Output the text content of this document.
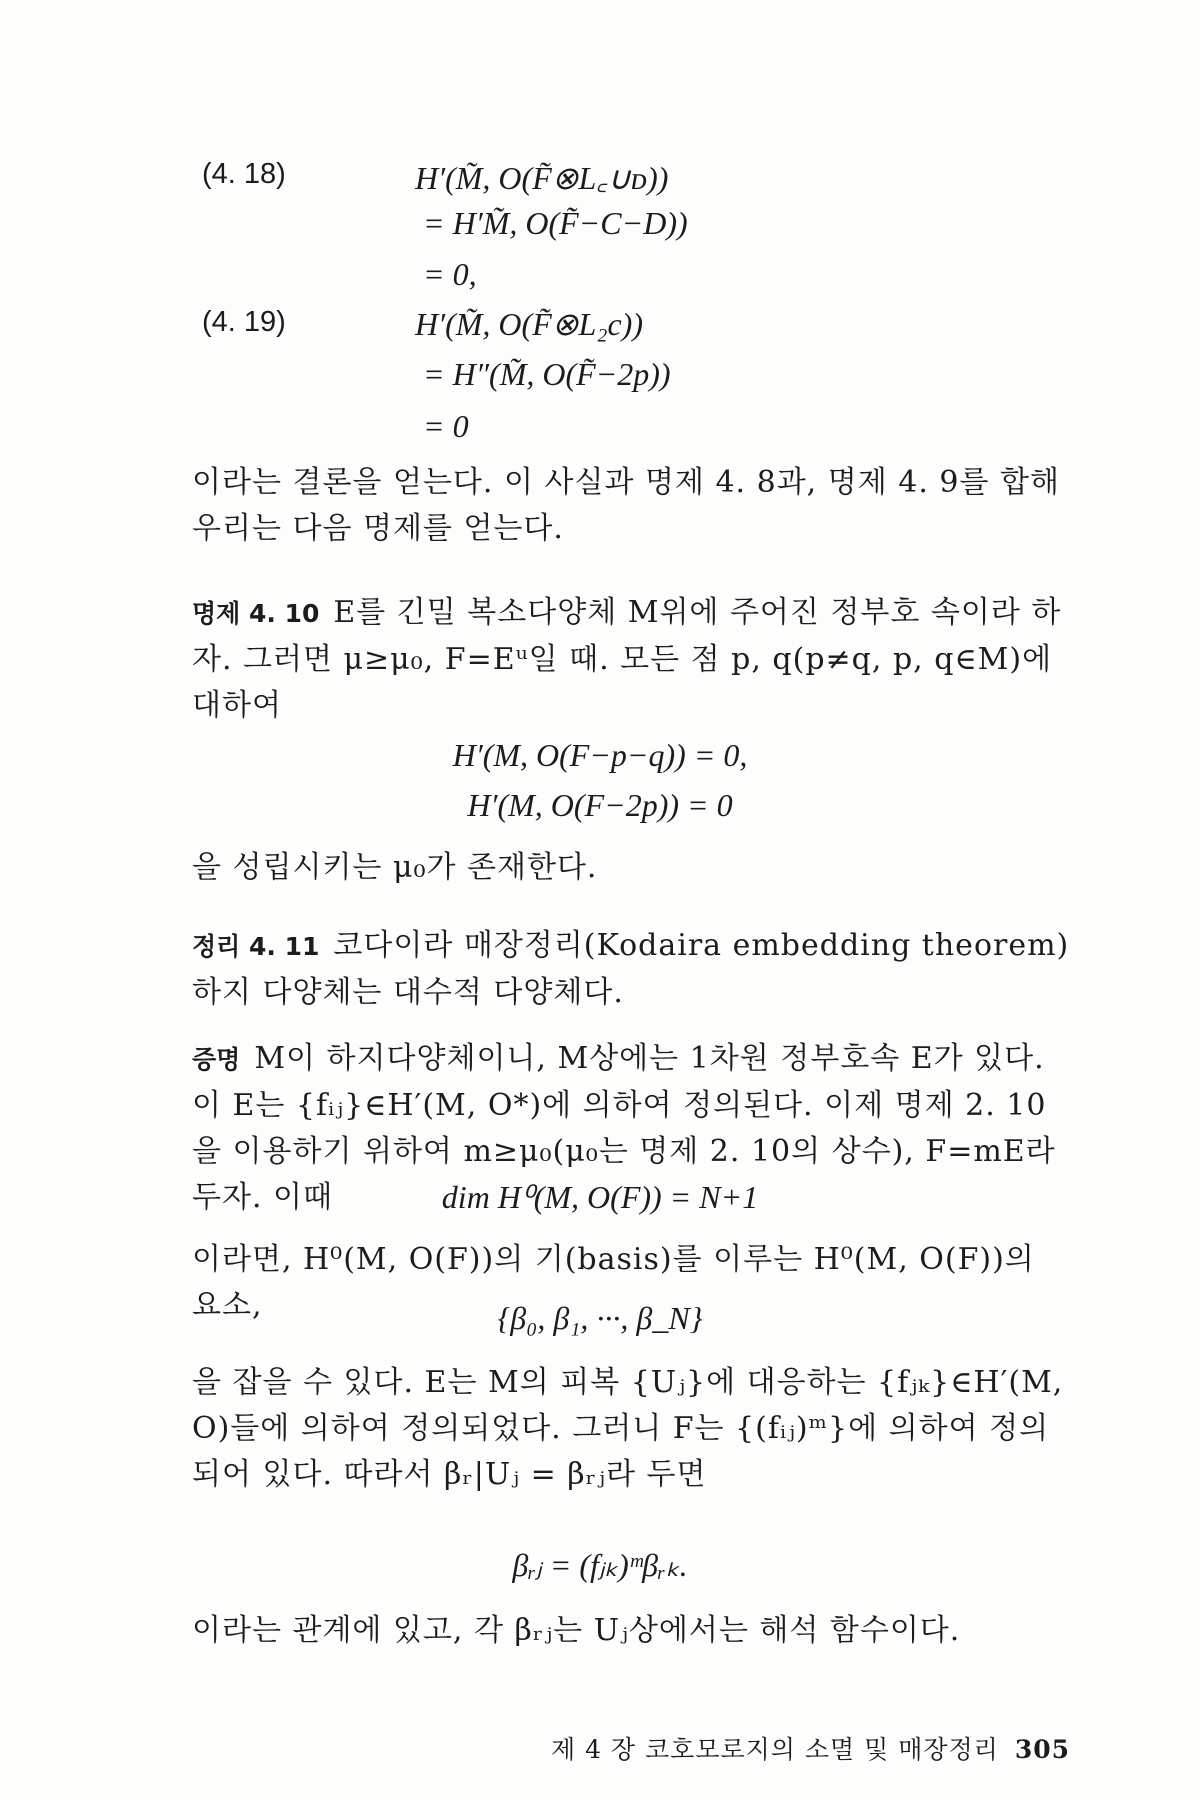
(4. 18)	H′(M̃, O(F̃⊗L꜀∪ᴅ))
= H′M̃, O(F̃−C−D))
= 0,
(4. 19)	H′(M̃, O(F̃⊗L₂c))
= H″(M̃, O(F̃−2p))
= 0
이라는 결론을 얻는다. 이 사실과 명제 4. 8과, 명제 4. 9를 합해 우리는 다음 명제를 얻는다.
명제 4. 10 E를 긴밀 복소다양체 M위에 주어진 정부호 속이라 하자. 그러면 μ≥μ₀, F=Eᵘ일 때. 모든 점 p, q(p≠q, p, q∈M)에 대하여
H′(M, O(F−p−q)) = 0,
H′(M, O(F−2p)) = 0
을 성립시키는 μ₀가 존재한다.
정리 4. 11 코다이라 매장정리(Kodaira embedding theorem) 하지 다양체는 대수적 다양체다.
증명 M이 하지다양체이니, M상에는 1차원 정부호속 E가 있다. 이 E는 {fᵢⱼ}∈H′(M, O*)에 의하여 정의된다. 이제 명제 2. 10을 이용하기 위하여 m≥μ₀(μ₀는 명제 2. 10의 상수), F=mE라 두자. 이때	dim H⁰(M, O(F)) = N+1
이라면, H⁰(M, O(F))의 기(basis)를 이루는 H⁰(M, O(F))의 요소,	{β₀, β₁, ···, β_N}
을 잡을 수 있다. E는 M의 피복 {Uⱼ}에 대응하는 {fⱼₖ}∈H′(M, O)들에 의하여 정의되었다. 그러니 F는 {(fᵢⱼ)ᵐ}에 의하여 정의되어 있다. 따라서 βᵣ|Uⱼ = βᵣⱼ라 두면
βᵣⱼ = (fⱼₖ)ᵐβᵣₖ.
이라는 관계에 있고, 각 βᵣⱼ는 Uⱼ상에서는 해석 함수이다.
제 4 장 코호모로지의 소멸 및 매장정리 305
